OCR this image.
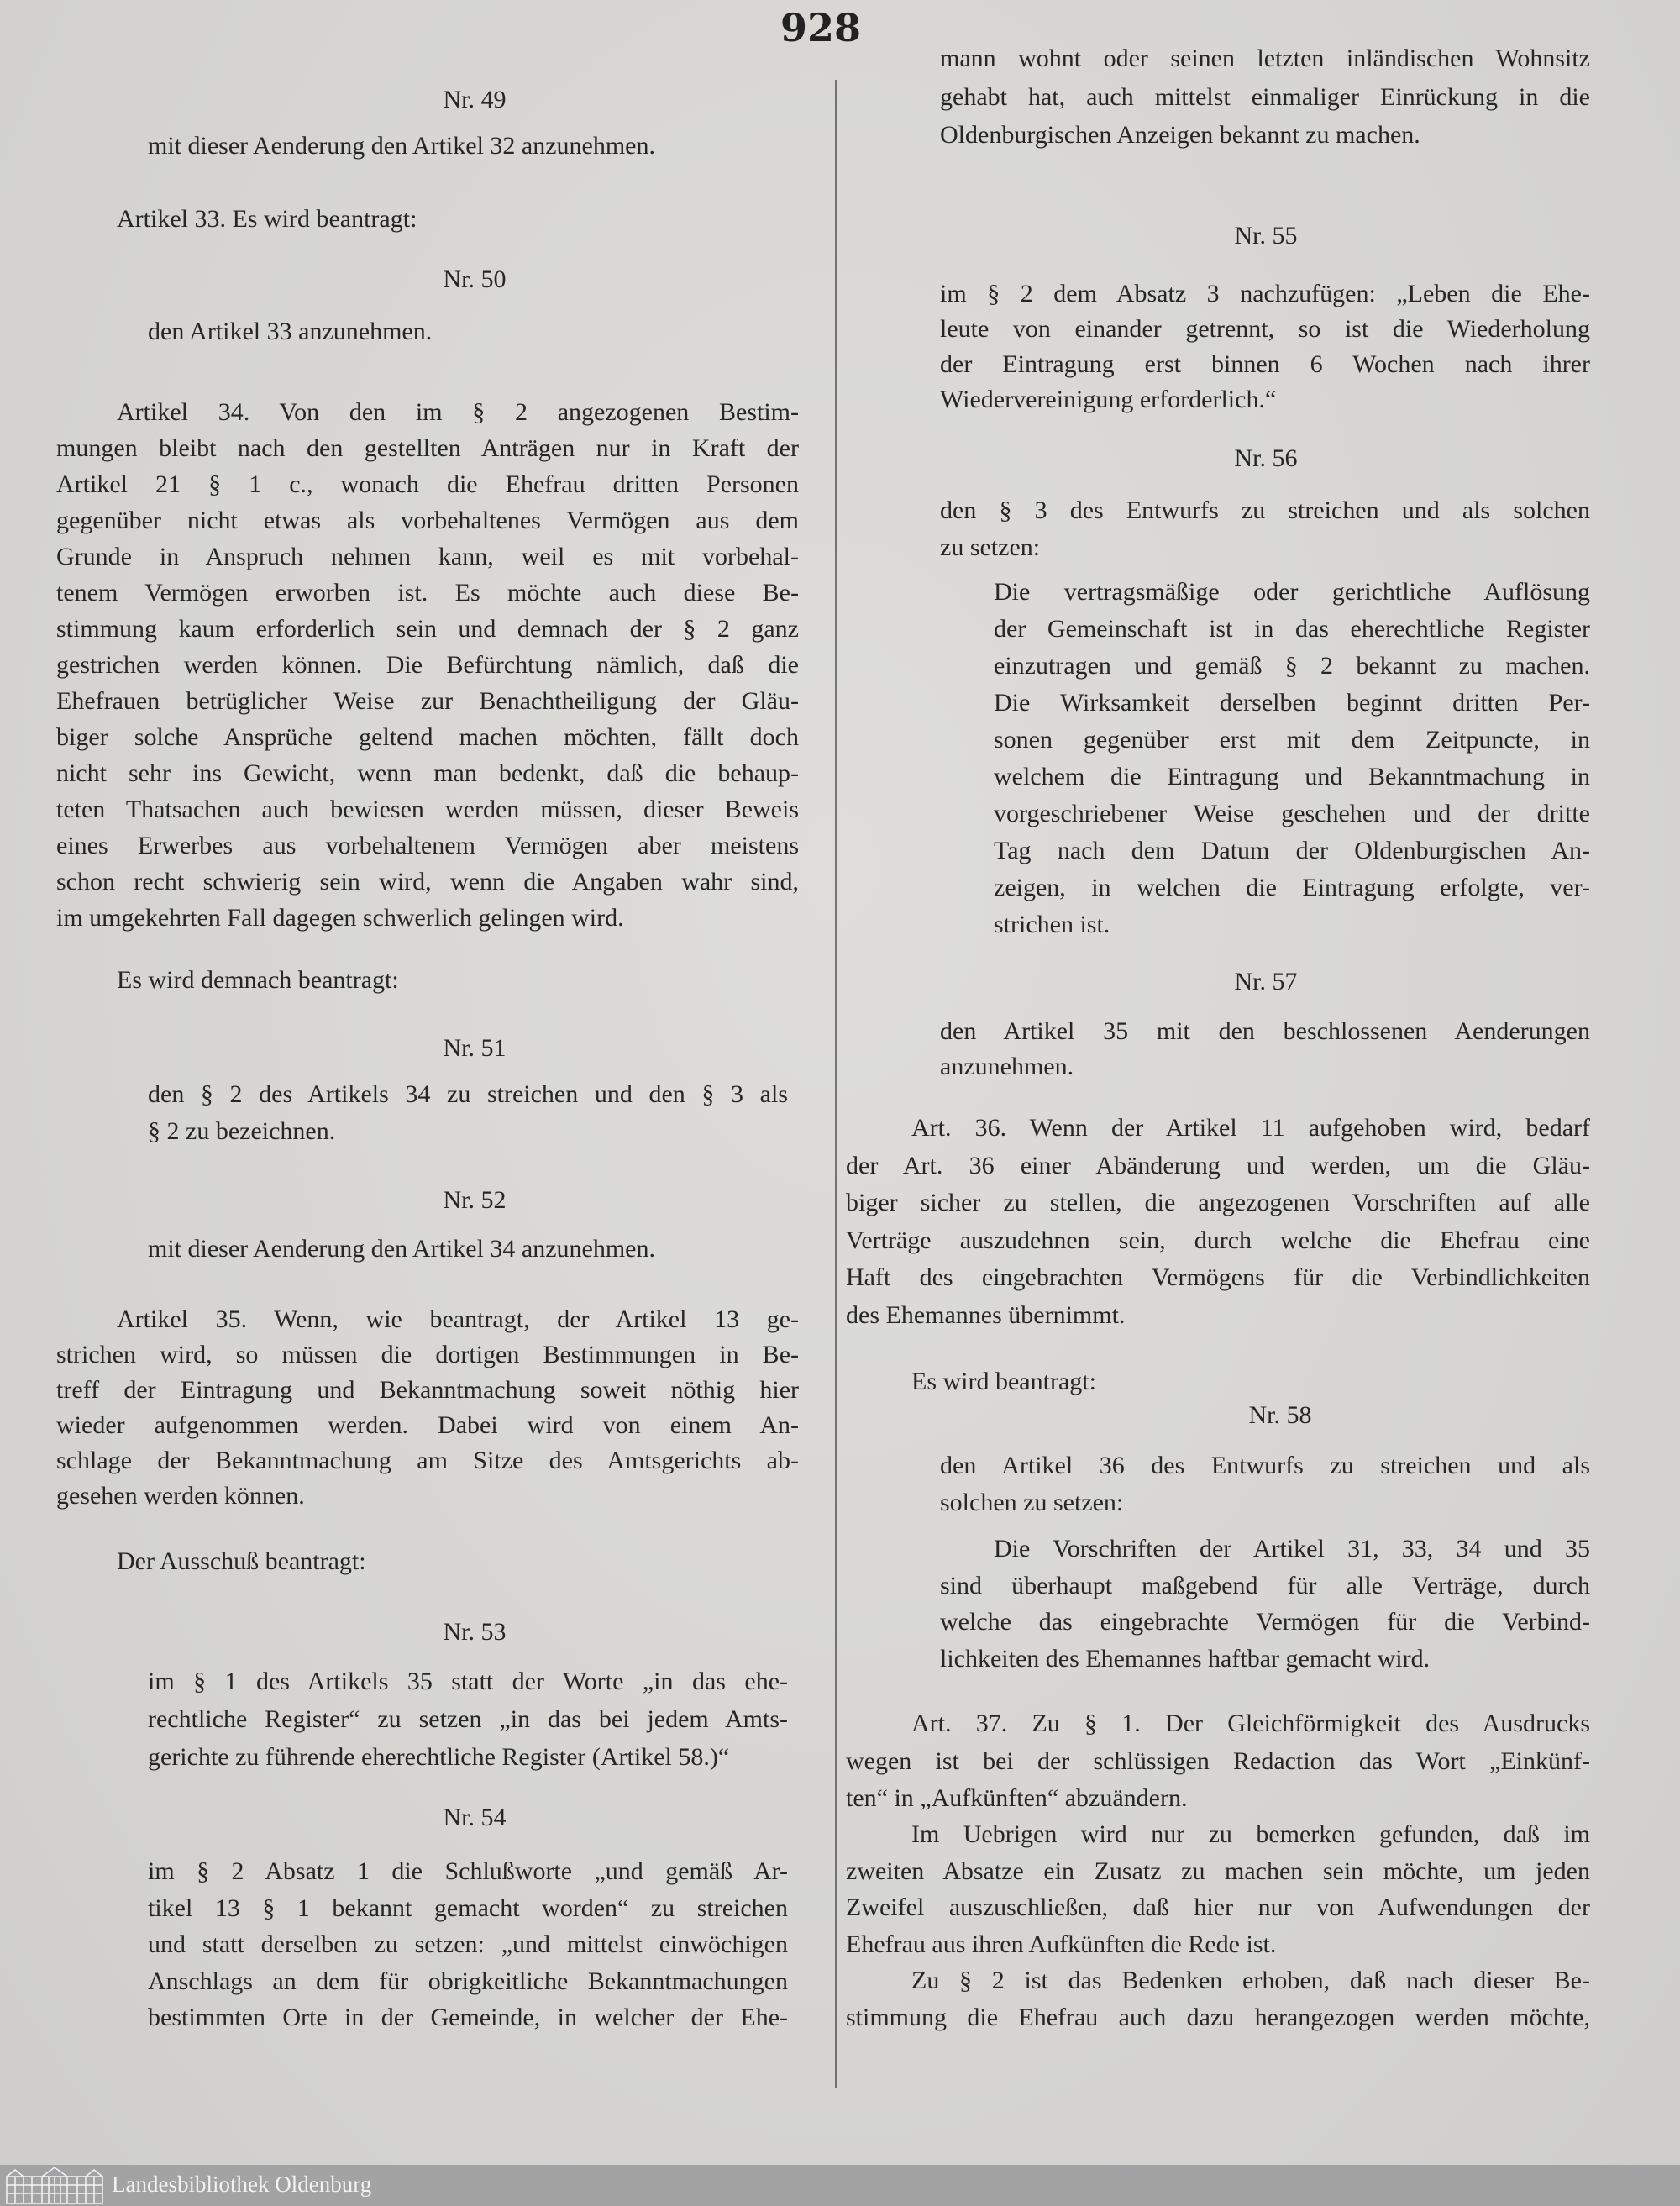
928
Nr. 49
mit dieser Aenderung den Artikel 32 anzunehmen.
Artikel 33. Es wird beantragt:
Nr. 50
den Artikel 33 anzunehmen.
Artikel 34. Von den im § 2 angezogenen Bestim-
mungen bleibt nach den gestellten Anträgen nur in Kraft der
Artikel 21 § 1 c., wonach die Ehefrau dritten Personen
gegenüber nicht etwas als vorbehaltenes Vermögen aus dem
Grunde in Anspruch nehmen kann, weil es mit vorbehal-
tenem Vermögen erworben ist. Es möchte auch diese Be-
stimmung kaum erforderlich sein und demnach der § 2 ganz
gestrichen werden können. Die Befürchtung nämlich, daß die
Ehefrauen betrüglicher Weise zur Benachtheiligung der Gläu-
biger solche Ansprüche geltend machen möchten, fällt doch
nicht sehr ins Gewicht, wenn man bedenkt, daß die behaup-
teten Thatsachen auch bewiesen werden müssen, dieser Beweis
eines Erwerbes aus vorbehaltenem Vermögen aber meistens
schon recht schwierig sein wird, wenn die Angaben wahr sind,
im umgekehrten Fall dagegen schwerlich gelingen wird.
Es wird demnach beantragt:
Nr. 51
den § 2 des Artikels 34 zu streichen und den § 3 als
§ 2 zu bezeichnen.
Nr. 52
mit dieser Aenderung den Artikel 34 anzunehmen.
Artikel 35. Wenn, wie beantragt, der Artikel 13 ge-
strichen wird, so müssen die dortigen Bestimmungen in Be-
treff der Eintragung und Bekanntmachung soweit nöthig hier
wieder aufgenommen werden. Dabei wird von einem An-
schlage der Bekanntmachung am Sitze des Amtsgerichts ab-
gesehen werden können.
Der Ausschuß beantragt:
Nr. 53
im § 1 des Artikels 35 statt der Worte „in das ehe-
rechtliche Register“ zu setzen „in das bei jedem Amts-
gerichte zu führende eherechtliche Register (Artikel 58.)“
Nr. 54
im § 2 Absatz 1 die Schlußworte „und gemäß Ar-
tikel 13 § 1 bekannt gemacht worden“ zu streichen
und statt derselben zu setzen: „und mittelst einwöchigen
Anschlags an dem für obrigkeitliche Bekanntmachungen
bestimmten Orte in der Gemeinde, in welcher der Ehe-
mann wohnt oder seinen letzten inländischen Wohnsitz
gehabt hat, auch mittelst einmaliger Einrückung in die
Oldenburgischen Anzeigen bekannt zu machen.
Nr. 55
im § 2 dem Absatz 3 nachzufügen: „Leben die Ehe-
leute von einander getrennt, so ist die Wiederholung
der Eintragung erst binnen 6 Wochen nach ihrer
Wiedervereinigung erforderlich.“
Nr. 56
den § 3 des Entwurfs zu streichen und als solchen
zu setzen:
Die vertragsmäßige oder gerichtliche Auflösung
der Gemeinschaft ist in das eherechtliche Register
einzutragen und gemäß § 2 bekannt zu machen.
Die Wirksamkeit derselben beginnt dritten Per-
sonen gegenüber erst mit dem Zeitpuncte, in
welchem die Eintragung und Bekanntmachung in
vorgeschriebener Weise geschehen und der dritte
Tag nach dem Datum der Oldenburgischen An-
zeigen, in welchen die Eintragung erfolgte, ver-
strichen ist.
Nr. 57
den Artikel 35 mit den beschlossenen Aenderungen
anzunehmen.
Art. 36. Wenn der Artikel 11 aufgehoben wird, bedarf
der Art. 36 einer Abänderung und werden, um die Gläu-
biger sicher zu stellen, die angezogenen Vorschriften auf alle
Verträge auszudehnen sein, durch welche die Ehefrau eine
Haft des eingebrachten Vermögens für die Verbindlichkeiten
des Ehemannes übernimmt.
Es wird beantragt:
Nr. 58
den Artikel 36 des Entwurfs zu streichen und als
solchen zu setzen:
Die Vorschriften der Artikel 31, 33, 34 und 35
sind überhaupt maßgebend für alle Verträge, durch
welche das eingebrachte Vermögen für die Verbind-
lichkeiten des Ehemannes haftbar gemacht wird.
Art. 37. Zu § 1. Der Gleichförmigkeit des Ausdrucks
wegen ist bei der schlüssigen Redaction das Wort „Einkünf-
ten“ in „Aufkünften“ abzuändern.
Im Uebrigen wird nur zu bemerken gefunden, daß im
zweiten Absatze ein Zusatz zu machen sein möchte, um jeden
Zweifel auszuschließen, daß hier nur von Aufwendungen der
Ehefrau aus ihren Aufkünften die Rede ist.
Zu § 2 ist das Bedenken erhoben, daß nach dieser Be-
stimmung die Ehefrau auch dazu herangezogen werden möchte,
Landesbibliothek Oldenburg
